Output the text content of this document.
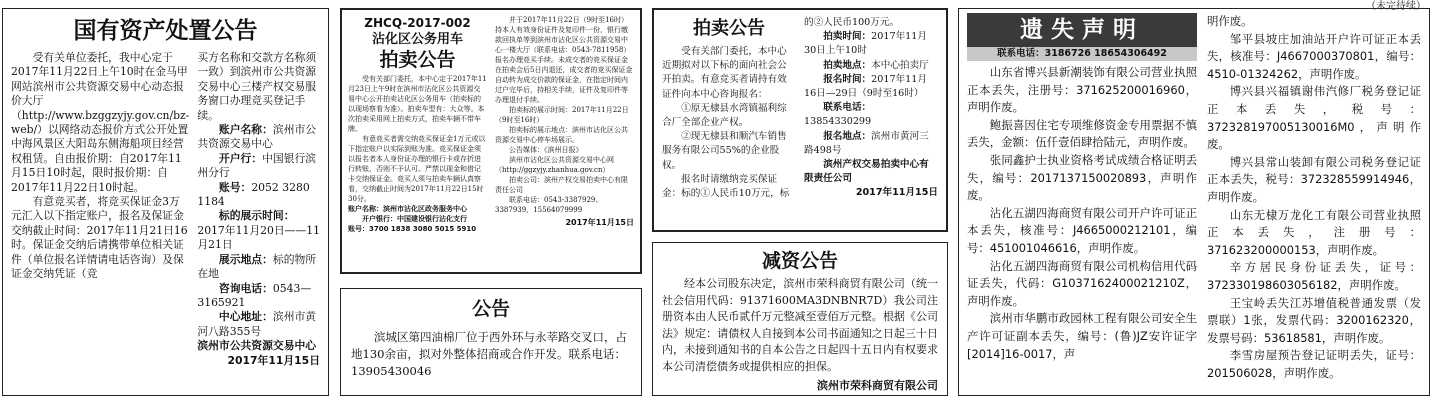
（未完待续）
国有资产处置公告

受有关单位委托，我中心定于2017年11月22日上午10时在金马甲网站滨州市公共资源交易中心动态报价大厅（http://www.bzggzyjy.gov.cn/bz-web/）以网络动态报价方式公开处置中海风景区大阳岛东侧海船项目经营权租赁。自由报价期：自2017年11月15日10时起，限时报价期：自2017年11月22日10时起。

有意竞买者，将竞买保证金3万元汇入以下指定账户，报名及保证金交纳截止时间：2017年11月21日16时。保证金交纳后请携带单位相关证件（单位报名详情请电话咨询）及保证金交纳凭证（竞

买方名称和交款方名称须一致）到滨州市公共资源交易中心三楼产权交易服务窗口办理竞买登记手续。

账户名称：滨州市公共资源交易中心

开户行：中国银行滨州分行

账号：2052 3280 1184

标的展示时间：2017年11月20日——11月21日

展示地点：标的物所在地

咨询电话：0543—3165921

中心地址：滨州市黄河八路355号

滨州市公共资源交易中心

2017年11月15日

ZHCQ-2017-002
沾化区公务用车
拍卖公告

受有关部门委托，本中心定于2017年11月23日上午9时在滨州市沾化区公共资源交易中心公开拍卖沾化区公务用车（拍卖标的以现场察看为准）。拍卖车型有：大众等。本次拍卖采用网上拍卖方式，拍卖车辆不带车牌。

有意竞买者需交纳竞买保证金1万元或以下指定账户以实际到账为准。竞买保证金须以报名者本人身份证办理的银行卡或存折进行转账，否则不予认可。严禁以现金和借记卡交纳保证金。竞买人须与拍卖车辆认真察看，交纳截止时间为2017年11月22日15时30分。

账户名称：滨州市沾化区政务服务中心

开户银行：中国建设银行沾化支行

账号：3700 1838 3080 5015 5910

并于2017年11月22日（9时至16时）持本人有效身份证件及复印件一份，银行缴款回执单等到滨州市沾化区公共资源交易中心一楼大厅（联系电话：0543-7811958）报名办理竞买手续。未成交者的竞买保证金在拍卖会后5日内退还，成交者的竞买保证金自动转为成交价款的保证金，在指定时间内过户完毕后，持相关手续，证件及复印件等办理退付手续。

拍卖标的展示时间：2017年11月22日（9时至16时）

拍卖标的展示地点：滨州市沾化区公共资源交易中心停车场展示。

公告媒体：《滨州日报》

滨州市沾化区公共资源交易中心网（http://ggzyjy.zhanhua.gov.cn）

拍卖公司：滨州产权交易拍卖中心有限责任公司

联系电话：0543-3387929、3387939、15564079999

2017年11月15日

公告

滨城区第四油棉厂位于西外环与永莘路交叉口，占地130余亩，拟对外整体招商或合作开发。联系电话：13905430046

拍卖公告

受有关部门委托，本中心近期拟对以下标的面向社会公开拍卖。有意竞买者请持有效证件向本中心咨询报名：

①原无棣县水湾镇福利综合厂全部企业产权。

②现无棣县和顺汽车销售服务有限公司55%的企业股权。

报名时请缴纳竞买保证金：标的①人民币10万元，标

的②人民币100万元。

拍卖时间：2017年11月30日上午10时

拍卖地点：本中心拍卖厅

报名时间：2017年11月16日—29日（9时至16时）

联系电话：13854330299

报名地点：滨州市黄河三路498号

滨州产权交易拍卖中心有限责任公司

2017年11月15日

减资公告

经本公司股东决定，滨州市荣科商贸有限公司（统一社会信用代码：91371600MA3DNBNR7D）我公司注册资本由人民币贰仟万元整减至壹佰万元整。根据《公司法》规定：请债权人自接到本公司书面通知之日起三十日内，未接到通知书的自本公告之日起四十五日内有权要求本公司清偿债务或提供相应的担保。

滨州市荣科商贸有限公司

遗失声明
联系电话：3186726 18654306492

山东省博兴县新潮装饰有限公司营业执照正本丢失，注册号：371625200016960，声明作废。

鲍振喜因住宅专项维修资金专用票据不慎丢失，金额：伍仟壹佰肆拾陆元，声明作废。

张同鑫护士执业资格考试成绩合格证明丢失，编号：2017137150020893，声明作废。

沾化五湖四海商贸有限公司开户许可证正本丢失，核准号：J4665000212101，编号：451001046616，声明作废。

沾化五湖四海商贸有限公司机构信用代码证丢失，代码：G1037162400021210Z，声明作废。

滨州市华鹏市政园林工程有限公司安全生产许可证副本丢失，编号：(鲁)JZ安许证字[2014]16-0017，声

明作废。

邹平县坡庄加油站开户许可证正本丢失，核准号：J4667000370801，编号：4510-01324262，声明作废。

博兴县兴福镇谢伟汽修厂税务登记证正本丢失，税号：372328197005130016M0，声明作废。

博兴县常山装卸有限公司税务登记证正本丢失，税号：372328559914946，声明作废。

山东无棣万龙化工有限公司营业执照正本丢失，注册号：371623200000153，声明作废。

辛方居民身份证丢失，证号：372330198603056182，声明作废。

王宝岭丢失江苏增值税普通发票（发票联）1张，发票代码：3200162320，发票号码：53618581，声明作废。

李雪房屋预告登记证明丢失，证号：201506028，声明作废。
